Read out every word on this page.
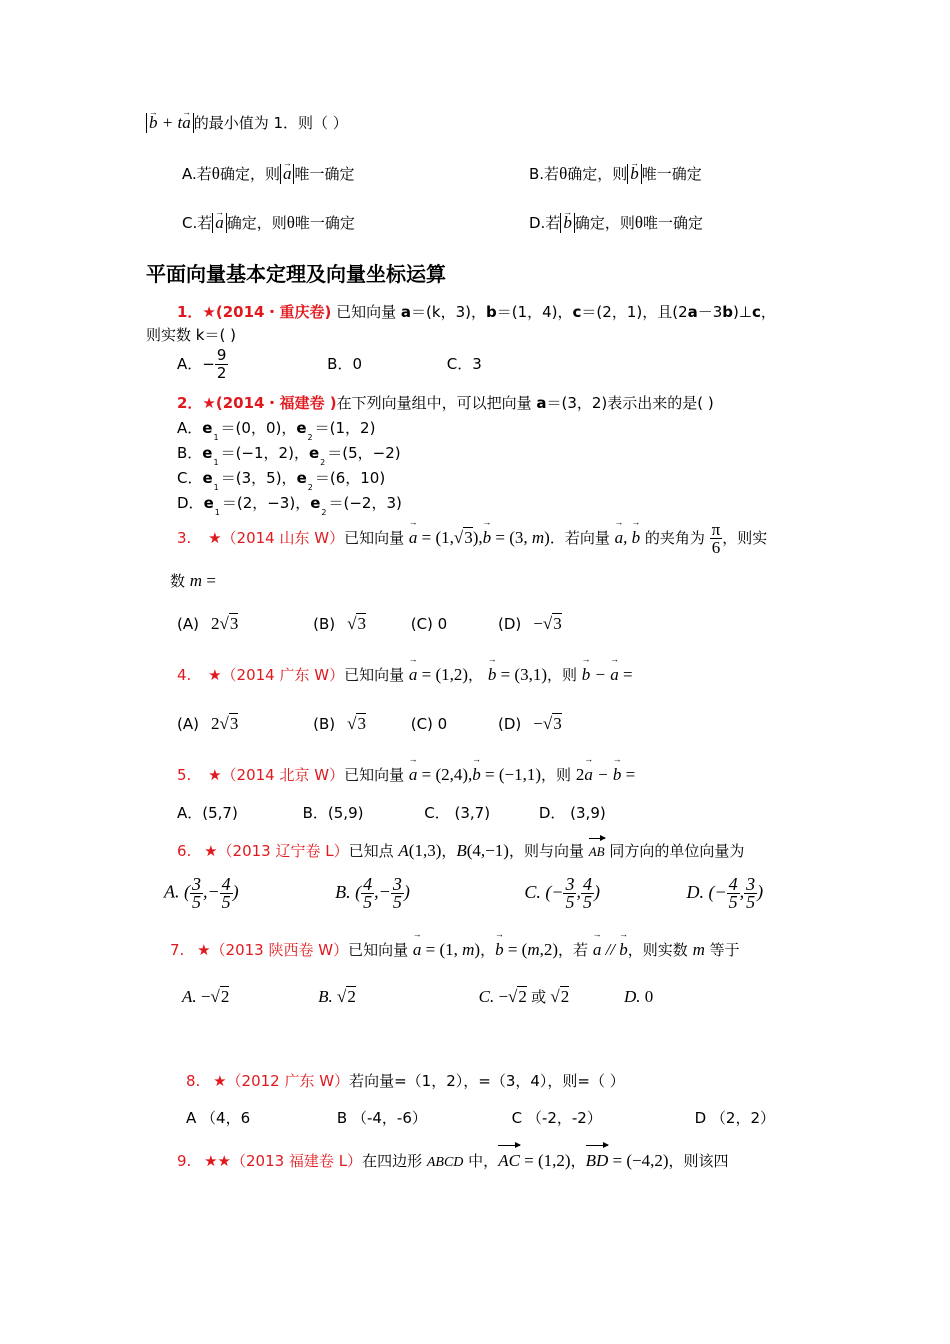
b → + ta → 的最小值为 1．则（ ）
A.若θ确定，则 a → 唯一确定	B.若θ确定，则 b → 唯一确定
C.若 a → 确定，则θ唯一确定	D.若 b → 确定，则θ唯一确定
平面向量基本定理及向量坐标运算
1．★(2014・重庆卷) 已知向量 a＝(k，3)，b＝(1，4)，c＝(2，1)，且(2a－3b)⊥c，
则实数 k＝( )
A．− $\frac{9}{2}$	B．0	C．3
2．★(2014・福建卷 )在下列向量组中，可以把向量 a＝(3，2)表示出来的是( )
A．$e_1=(0$，0)，$e_2=(1$，2)
B．$e_1=(-1$，2)，$e_2=(5$，−2)
C．$e_1=(3$，5)，$e_2=(6$，10)
D．$e_1=(2$，−3)，$e_2=(-2$，3)
3. ★（2014 山东 W）已知向量 a → = (1,√3),b → = (3, m)．若向量 a →, b → 的夹角为 $\frac{\pi}{6}$ ，则实
数 m =
(A) 2√3	(B) √3	(C) 0	(D) −√3
4. ★（2014 广东 W）已知向量 a → = (1,2)， b → = (3,1)，则 b → − a → =
(A) 2√3	(B) √3	(C) 0	(D) −√3
5. ★（2014 北京 W）已知向量 a → = (2,4),b → = (−1,1)，则 2a → − b → =
A．(5,7)	B．(5,9)	C． (3,7)	D． (3,9)
6. ★（2013 辽宁卷 L）已知点 A(1,3)，B(4,−1)，则与向量 AB 同方向的单位向量为
A. ( $\frac{3}{5}$ ,− $\frac{4}{5}$ )	B. ( $\frac{4}{5}$ ,− $\frac{3}{5}$ )	C. (− $\frac{3}{5}$ , $\frac{4}{5}$ )	D. (− $\frac{4}{5}$ , $\frac{3}{5}$ )
7. ★（2013 陕西卷 W）已知向量 a → = (1, m)，b → = (m,2)，若 a → // b →，则实数 m 等于
A. −√2	B. √2	C. −√2 或 √2	D. 0
8. ★（2012 广东 W）若向量=（1，2），=（3，4），则=（ ）
A （4，6	B （-4，-6）	C （-2，-2）	D （2，2）
9. ★★（2013 福建卷 L）在四边形 ABCD 中，AC = (1,2)，BD = (−4,2)，则该四
